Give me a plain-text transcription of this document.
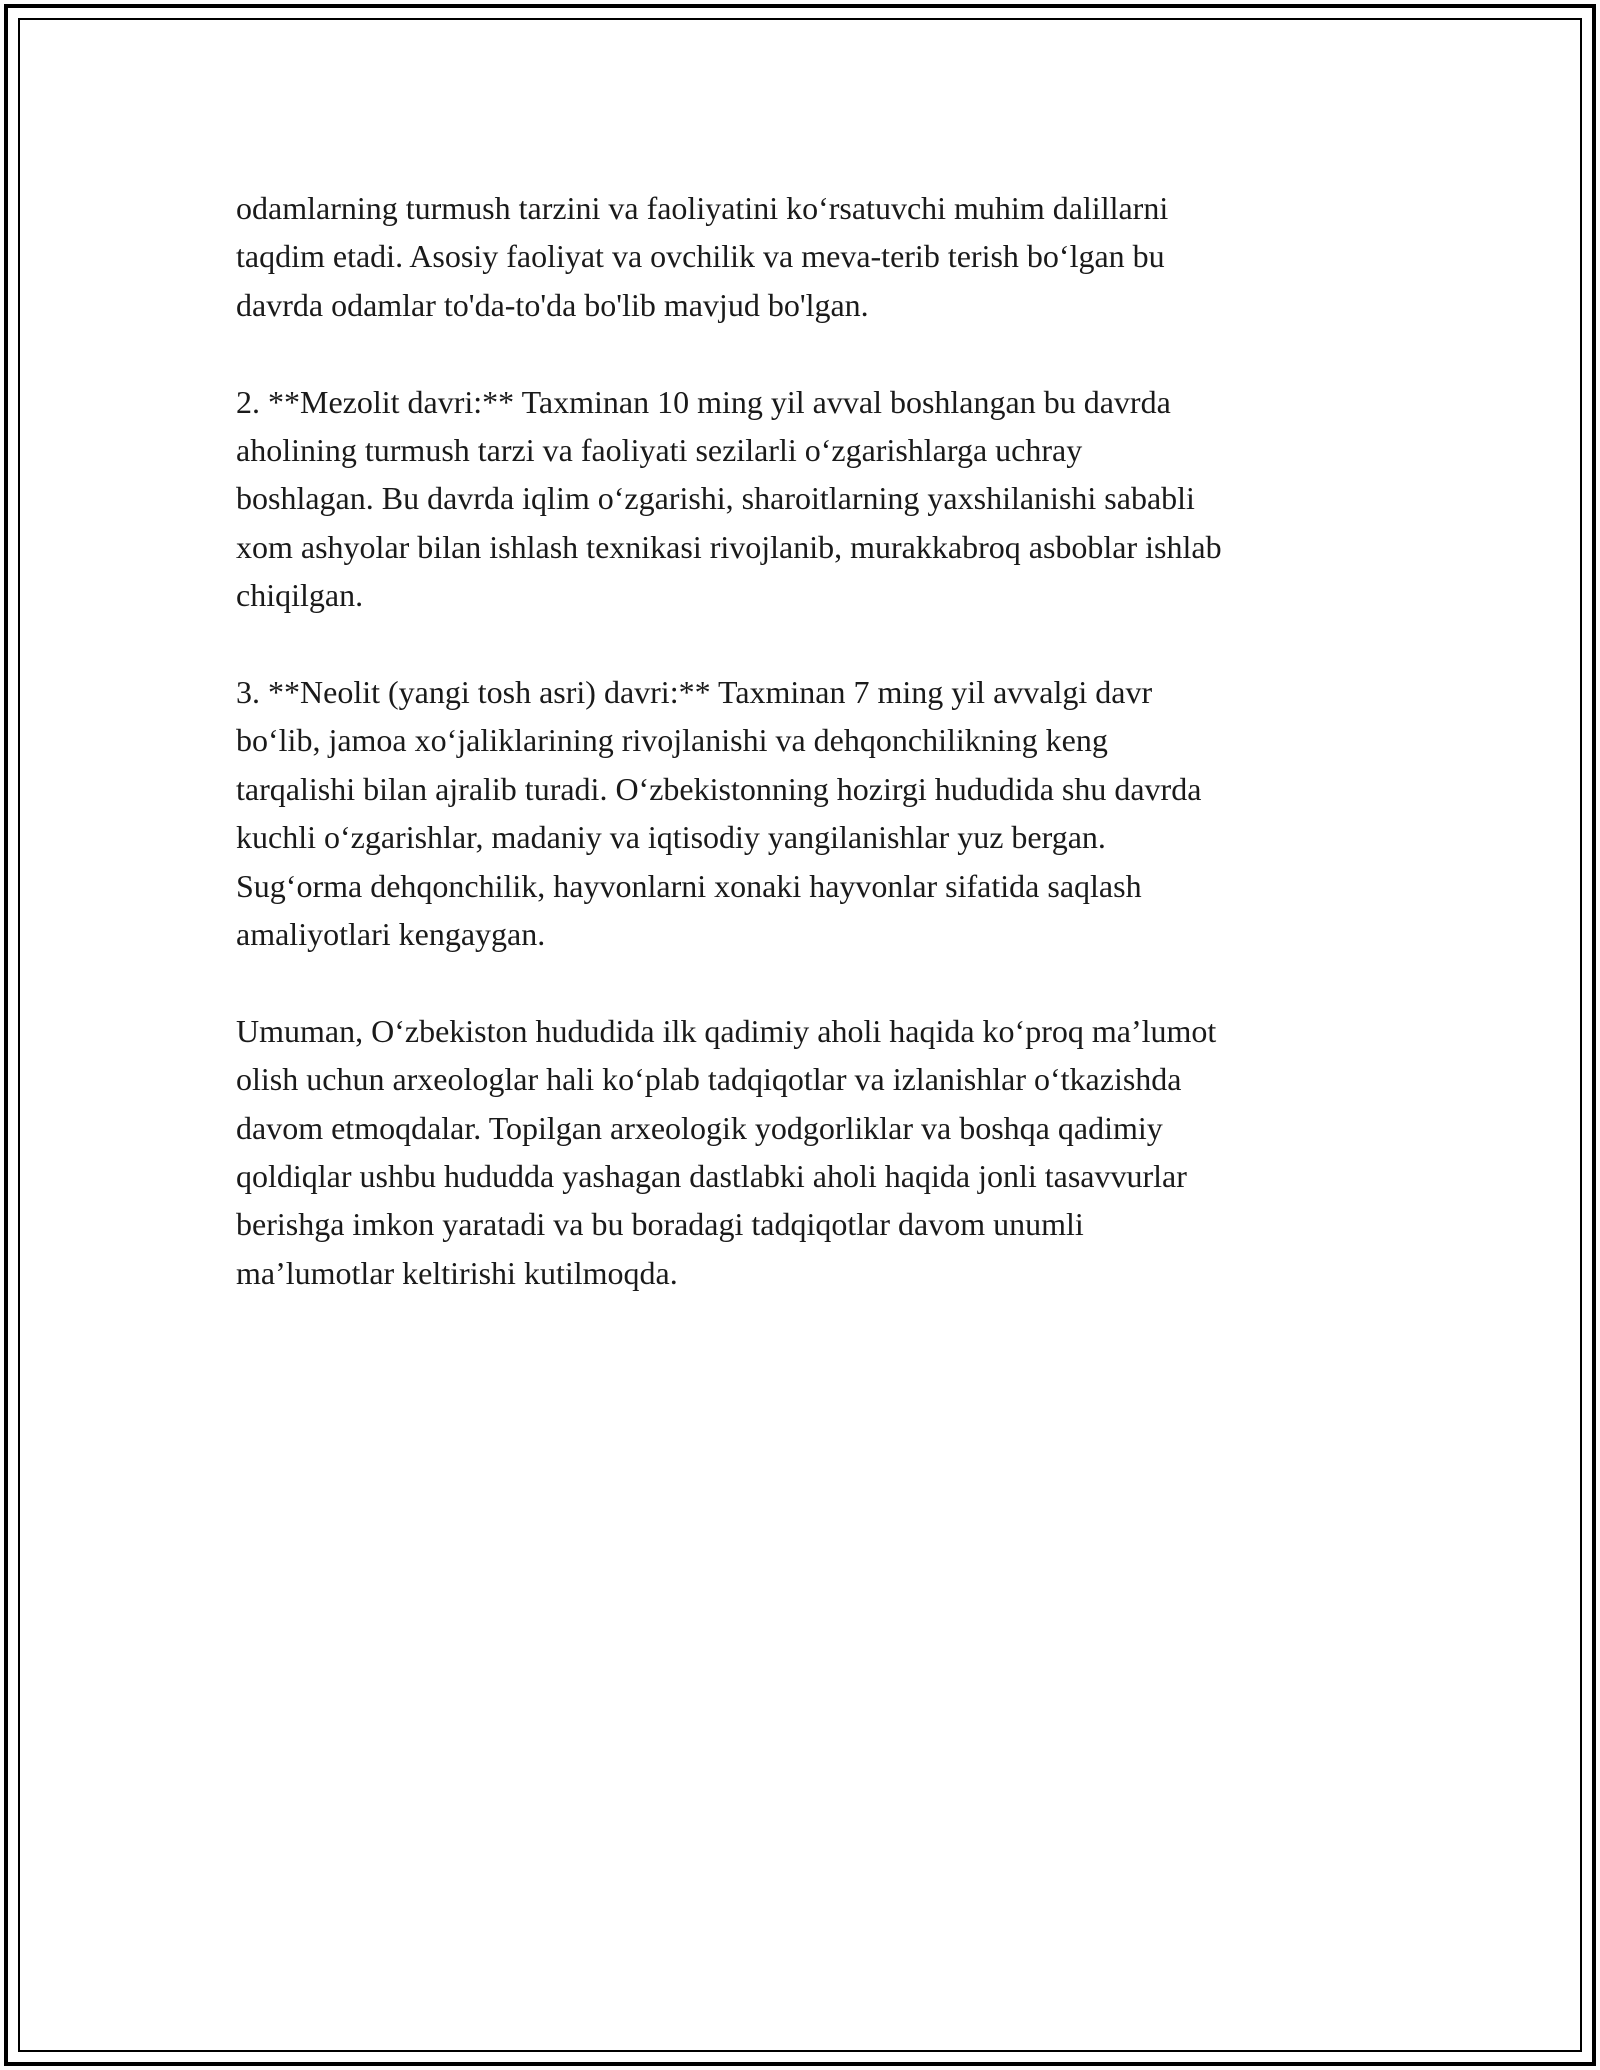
odamlarning turmush tarzini va faoliyatini ko‘rsatuvchi muhim dalillarni
taqdim etadi. Asosiy faoliyat va ovchilik va meva-terib terish bo‘lgan bu
davrda odamlar to'da-to'da bo'lib mavjud bo'lgan.

2. **Mezolit davri:** Taxminan 10 ming yil avval boshlangan bu davrda
aholining turmush tarzi va faoliyati sezilarli o‘zgarishlarga uchray
boshlagan. Bu davrda iqlim o‘zgarishi, sharoitlarning yaxshilanishi sababli
xom ashyolar bilan ishlash texnikasi rivojlanib, murakkabroq asboblar ishlab
chiqilgan.

3. **Neolit (yangi tosh asri) davri:** Taxminan 7 ming yil avvalgi davr
bo‘lib, jamoa xo‘jaliklarining rivojlanishi va dehqonchilikning keng
tarqalishi bilan ajralib turadi. O‘zbekistonning hozirgi hududida shu davrda
kuchli o‘zgarishlar, madaniy va iqtisodiy yangilanishlar yuz bergan.
Sug‘orma dehqonchilik, hayvonlarni xonaki hayvonlar sifatida saqlash
amaliyotlari kengaygan.

Umuman, O‘zbekiston hududida ilk qadimiy aholi haqida ko‘proq ma’lumot
olish uchun arxeologlar hali ko‘plab tadqiqotlar va izlanishlar o‘tkazishda
davom etmoqdalar. Topilgan arxeologik yodgorliklar va boshqa qadimiy
qoldiqlar ushbu hududda yashagan dastlabki aholi haqida jonli tasavvurlar
berishga imkon yaratadi va bu boradagi tadqiqotlar davom unumli
ma’lumotlar keltirishi kutilmoqda.
